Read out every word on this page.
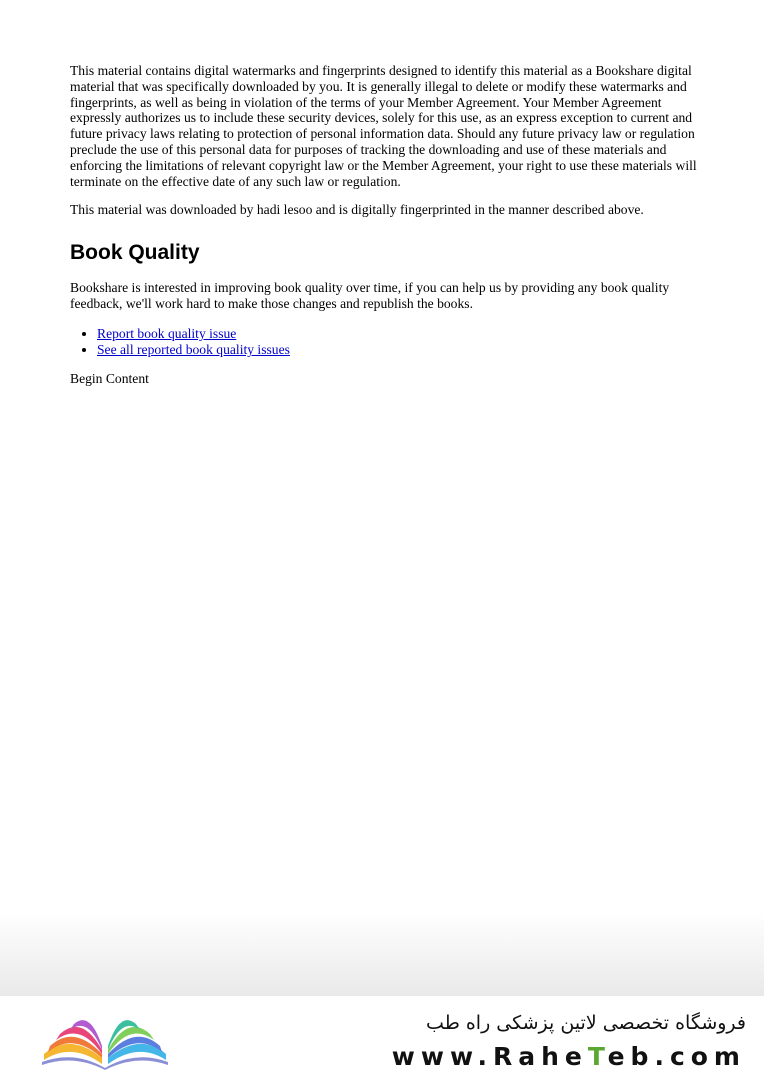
This material contains digital watermarks and fingerprints designed to identify this material as a Bookshare digital material that was specifically downloaded by you. It is generally illegal to delete or modify these watermarks and fingerprints, as well as being in violation of the terms of your Member Agreement. Your Member Agreement expressly authorizes us to include these security devices, solely for this use, as an express exception to current and future privacy laws relating to protection of personal information data. Should any future privacy law or regulation preclude the use of this personal data for purposes of tracking the downloading and use of these materials and enforcing the limitations of relevant copyright law or the Member Agreement, your right to use these materials will terminate on the effective date of any such law or regulation.

This material was downloaded by hadi lesoo and is digitally fingerprinted in the manner described above.

Book Quality

Bookshare is interested in improving book quality over time, if you can help us by providing any book quality feedback, we'll work hard to make those changes and republish the books.

• Report book quality issue
• See all reported book quality issues

Begin Content

فروشگاه تخصصی لاتین پزشکی راه طب
www.RaheTeb.com
